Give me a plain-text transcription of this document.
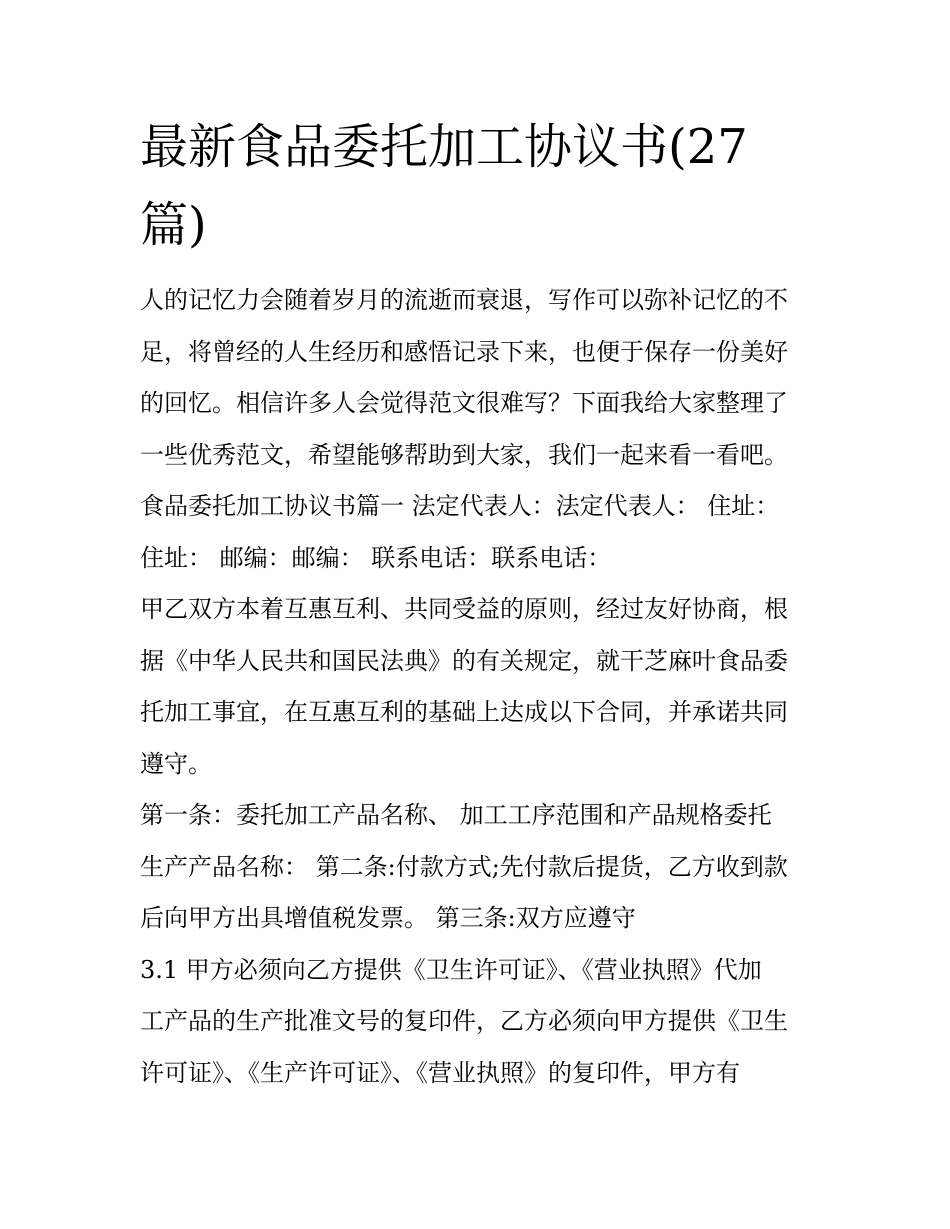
最新食品委托加工协议书(27
篇)
人的记忆力会随着岁月的流逝而衰退，写作可以弥补记忆的不
足，将曾经的人生经历和感悟记录下来，也便于保存一份美好
的回忆。相信许多人会觉得范文很难写？下面我给大家整理了
一些优秀范文，希望能够帮助到大家，我们一起来看一看吧。
食品委托加工协议书篇一 法定代表人：法定代表人： 住址：
住址： 邮编：邮编： 联系电话：联系电话：
甲乙双方本着互惠互利、共同受益的原则，经过友好协商，根
据《中华人民共和国民法典》的有关规定，就干芝麻叶食品委
托加工事宜，在互惠互利的基础上达成以下合同，并承诺共同
遵守。
第一条：委托加工产品名称、 加工工序范围和产品规格委托
生产产品名称： 第二条:付款方式;先付款后提货，乙方收到款
后向甲方出具增值税发票。 第三条:双方应遵守
3.1 甲方必须向乙方提供《卫生许可证》、《营业执照》代加
工产品的生产批准文号的复印件，乙方必须向甲方提供《卫生
许可证》、《生产许可证》、《营业执照》的复印件，甲方有
